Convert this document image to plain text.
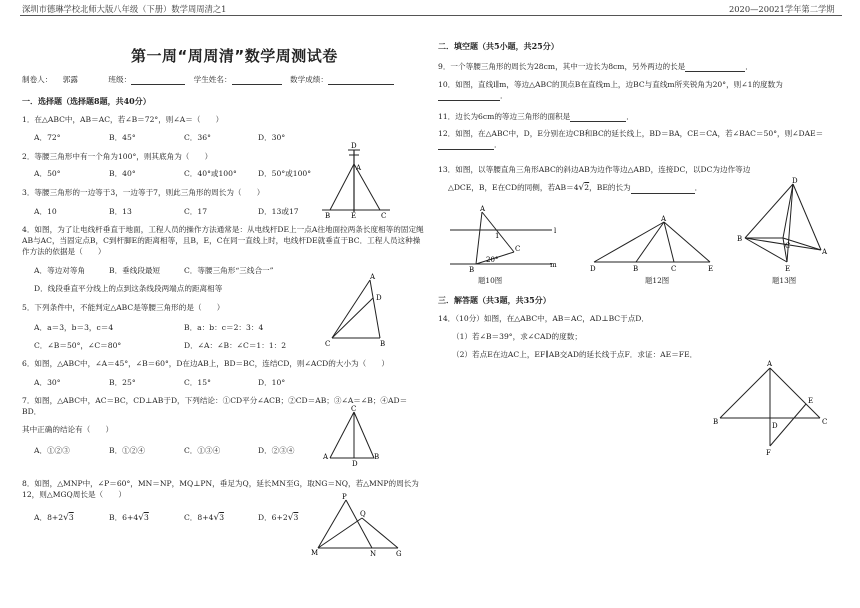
深圳市德琳学校北师大版八年级（下册）数学周周清之1	2020—20021学年第二学期
第一周“周周清”数学周测试卷
制卷人： 郭露	班级：	学生姓名：	数学成绩：
一．选择题（选择题8题，共40分）
1．在△ABC中，AB＝AC，若∠B＝72°，则∠A＝（　　）
A．72°	B．45°	C．36°	D．30°
2．等腰三角形中有一个角为100°，则其底角为（　　）
A．50°	B．40°	C．40°或100°	D．50°或100°
3．等腰三角形的一边等于3，一边等于7，则此三角形的周长为（　　）
A．10	B．13	C．17	D．13或17
4．如图，为了让电线杆垂直于地面，工程人员的操作方法通常是：从电线杆DE上一点A往地面拉两条长度相等的固定绳AB与AC，当固定点B，C到杆脚E的距离相等，且B，E，C在同一直线上时，电线杆DE就垂直于BC．工程人员这种操作方法的依据是（　　）
A．等边对等角	B．垂线段最短	C．等腰三角形“三线合一”
D．线段垂直平分线上的点到这条线段两端点的距离相等
5．下列条件中，不能判定△ABC是等腰三角形的是（　　）
A．a＝3，b＝3，c＝4	B．a：b：c＝2：3：4
C．∠B＝50°，∠C＝80°	D．∠A：∠B：∠C＝1：1：2
6．如图，△ABC中，∠A＝45°，∠B＝60°，D在边AB上，BD＝BC，连结CD，则∠ACD的大小为（　　）
A．30°	B．25°	C．15°	D．10°
7．如图，△ABC中，AC＝BC，CD⊥AB于D，下列结论：①CD平分∠ACB；②CD＝AB；③∠A＝∠B；④AD＝BD．
其中正确的结论有（　　）
A．①②③	B．①②④	C．①③④	D．②③④
8．如图，△MNP中，∠P＝60°，MN＝NP，MQ⊥PN，垂足为Q，延长MN至G，取NG＝NQ，若△MNP的周长为12，则△MGQ周长是（　　）
A．8+2√3	B．6+4√3	C．8+4√3	D．6+2√3
D
A
B	E	C
A
D
C	B
C
A
D
B
P
Q
M	N	G
二．填空题（共5小题，共25分）
9．一个等腰三角形的周长为28cm，其中一边长为8cm，另外两边的长是	．
10．如图，直线l∥m，等边△ABC的顶点B在直线m上，边BC与直线m所夹锐角为20°，则∠1的度数为．
11．边长为6cm的等边三角形的面积是	．
12．如图，在△ABC中，D，E分别在边CB和BC的延长线上，BD＝BA，CE＝CA，若∠BAC＝50°，则∠DAE＝．
13．如图，以等腰直角三角形ABC的斜边AB为边作等边△ABD，连接DC，以DC为边作等边
△DCE，B，E在CD的同侧，若AB＝4√2，BE的长为	．
A
1
l
C
B
20°
m
题10图
A
D	B	C	E
题12图
D
A
B
C
E
题13图
三．解答题（共3题，共35分）
14．（10分）如图，在△ABC中，AB＝AC，AD⊥BC于点D．
（1）若∠B＝39°，求∠CAD的度数；
（2）若点E在边AC上，EF∥AB交AD的延长线于点F．求证：AE＝FE．
A
E
B	D	C
F
